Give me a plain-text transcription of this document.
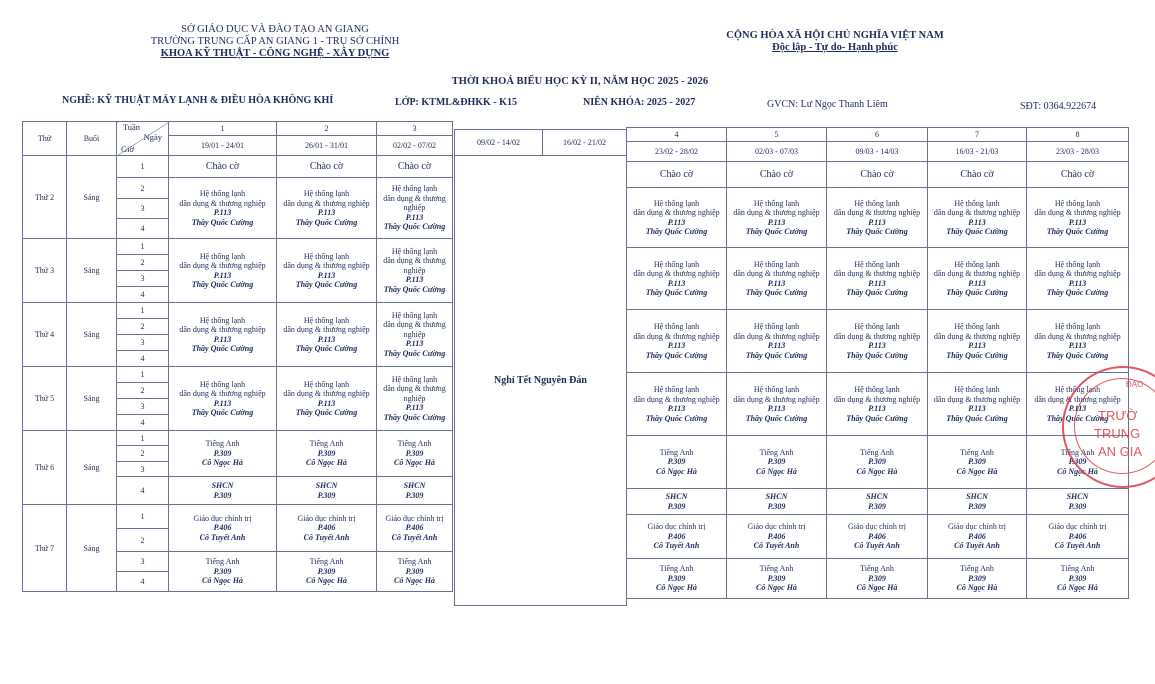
SỞ GIÁO DỤC VÀ ĐÀO TẠO AN GIANG
TRƯỜNG TRUNG CẤP AN GIANG 1 - TRỤ SỞ CHÍNH
KHOA KỸ THUẬT - CÔNG NGHỆ - XÂY DỰNG
CỘNG HÒA XÃ HỘI CHỦ NGHĨA VIỆT NAM
Độc lập - Tự do- Hạnh phúc
THỜI KHOÁ BIỂU HỌC KỲ II, NĂM HỌC 2025 - 2026
NGHỀ: KỸ THUẬT MÁY LẠNH & ĐIỀU HÒA KHÔNG KHÍ	LỚP: KTML&ĐHKK - K15	NIÊN KHÓA: 2025 - 2027	GVCN: Lư Ngọc Thanh Liêm	SĐT: 0364.922674
Thứ	Buổi	Tuần
Ngày
Giờ	1	2	3
			19/01 - 24/01	26/01 - 31/01	02/02 - 07/02

Thứ 2	Sáng	1	Chào cờ	Chào cờ	Chào cờ
		2	Hệ thống lạnh
dân dụng & thương nghiệp
P.113
Thầy Quốc Cường	Hệ thống lạnh
dân dụng & thương nghiệp
P.113
Thầy Quốc Cường	Hệ thống lạnh
dân dụng & thương nghiệp
P.113
Thầy Quốc Cường

		3			
		4			
Thứ 3	Sáng	1	Hệ thống lạnh
dân dụng & thương nghiệp
P.113
Thầy Quốc Cường	Hệ thống lạnh
dân dụng & thương nghiệp
P.113
Thầy Quốc Cường	Hệ thống lạnh
dân dụng & thương nghiệp
P.113
Thầy Quốc Cường

		2			
		3			
		4			
Thứ 4	Sáng	1	Hệ thống lạnh
dân dụng & thương nghiệp
P.113
Thầy Quốc Cường	Hệ thống lạnh
dân dụng & thương nghiệp
P.113
Thầy Quốc Cường	Hệ thống lạnh
dân dụng & thương nghiệp
P.113
Thầy Quốc Cường

		2			
		3			
		4			
Thứ 5	Sáng	1	Hệ thống lạnh
dân dụng & thương nghiệp
P.113
Thầy Quốc Cường	Hệ thống lạnh
dân dụng & thương nghiệp
P.113
Thầy Quốc Cường	Hệ thống lạnh
dân dụng & thương nghiệp
P.113
Thầy Quốc Cường

		2			
		3			
		4			
Thứ 6	Sáng	1	Tiếng Anh
P.309
Cô Ngọc Hà	Tiếng Anh
P.309
Cô Ngọc Hà	Tiếng Anh
P.309
Cô Ngọc Hà

		2			
		3			
		4	SHCN
P.309	SHCN
P.309	SHCN
P.309

Thứ 7	Sáng	1	Giáo dục chính trị
P.406
Cô Tuyết Anh	Giáo dục chính trị
P.406
Cô Tuyết Anh	Giáo dục chính trị
P.406
Cô Tuyết Anh

		2			
		3	Tiếng Anh
P.309
Cô Ngọc Hà	Tiếng Anh
P.309
Cô Ngọc Hà	Tiếng Anh
P.309
Cô Ngọc Hà

		4			
09/02 - 14/02	16/02 - 21/02
Nghỉ Tết Nguyên Đán
4	5	6	7	8
23/02 - 28/02	02/03 - 07/03	09/03 - 14/03	16/03 - 21/03	23/03 - 28/03
Chào cờ	Chào cờ	Chào cờ	Chào cờ	Chào cờ

Hệ thống lạnh
dân dụng & thương nghiệp
P.113
Thầy Quốc Cường	Hệ thống lạnh
dân dụng & thương nghiệp
P.113
Thầy Quốc Cường	Hệ thống lạnh
dân dụng & thương nghiệp
P.113
Thầy Quốc Cường	Hệ thống lạnh
dân dụng & thương nghiệp
P.113
Thầy Quốc Cường	Hệ thống lạnh
dân dụng & thương nghiệp
P.113
Thầy Quốc Cường

Hệ thống lạnh
dân dụng & thương nghiệp
P.113
Thầy Quốc Cường	Hệ thống lạnh
dân dụng & thương nghiệp
P.113
Thầy Quốc Cường	Hệ thống lạnh
dân dụng & thương nghiệp
P.113
Thầy Quốc Cường	Hệ thống lạnh
dân dụng & thương nghiệp
P.113
Thầy Quốc Cường	Hệ thống lạnh
dân dụng & thương nghiệp
P.113
Thầy Quốc Cường

Hệ thống lạnh
dân dụng & thương nghiệp
P.113
Thầy Quốc Cường	Hệ thống lạnh
dân dụng & thương nghiệp
P.113
Thầy Quốc Cường	Hệ thống lạnh
dân dụng & thương nghiệp
P.113
Thầy Quốc Cường	Hệ thống lạnh
dân dụng & thương nghiệp
P.113
Thầy Quốc Cường	Hệ thống lạnh
dân dụng & thương nghiệp
P.113
Thầy Quốc Cường

Hệ thống lạnh
dân dụng & thương nghiệp
P.113
Thầy Quốc Cường	Hệ thống lạnh
dân dụng & thương nghiệp
P.113
Thầy Quốc Cường	Hệ thống lạnh
dân dụng & thương nghiệp
P.113
Thầy Quốc Cường	Hệ thống lạnh
dân dụng & thương nghiệp
P.113
Thầy Quốc Cường	Hệ thống lạnh
dân dụng & thương nghiệp
P.113
Thầy Quốc Cường

Tiếng Anh
P.309
Cô Ngọc Hà	Tiếng Anh
P.309
Cô Ngọc Hà	Tiếng Anh
P.309
Cô Ngọc Hà	Tiếng Anh
P.309
Cô Ngọc Hà	Tiếng Anh
P.309
Cô Ngọc Hà

SHCN
P.309	SHCN
P.309	SHCN
P.309	SHCN
P.309	SHCN
P.309

Giáo dục chính trị
P.406
Cô Tuyết Anh	Giáo dục chính trị
P.406
Cô Tuyết Anh	Giáo dục chính trị
P.406
Cô Tuyết Anh	Giáo dục chính trị
P.406
Cô Tuyết Anh	Giáo dục chính trị
P.406
Cô Tuyết Anh

Tiếng Anh
P.309
Cô Ngọc Hà	Tiếng Anh
P.309
Cô Ngọc Hà	Tiếng Anh
P.309
Cô Ngọc Hà	Tiếng Anh
P.309
Cô Ngọc Hà	Tiếng Anh
P.309
Cô Ngọc Hà
ĐÀO
TRƯỜ
TRUNG
AN GIA
